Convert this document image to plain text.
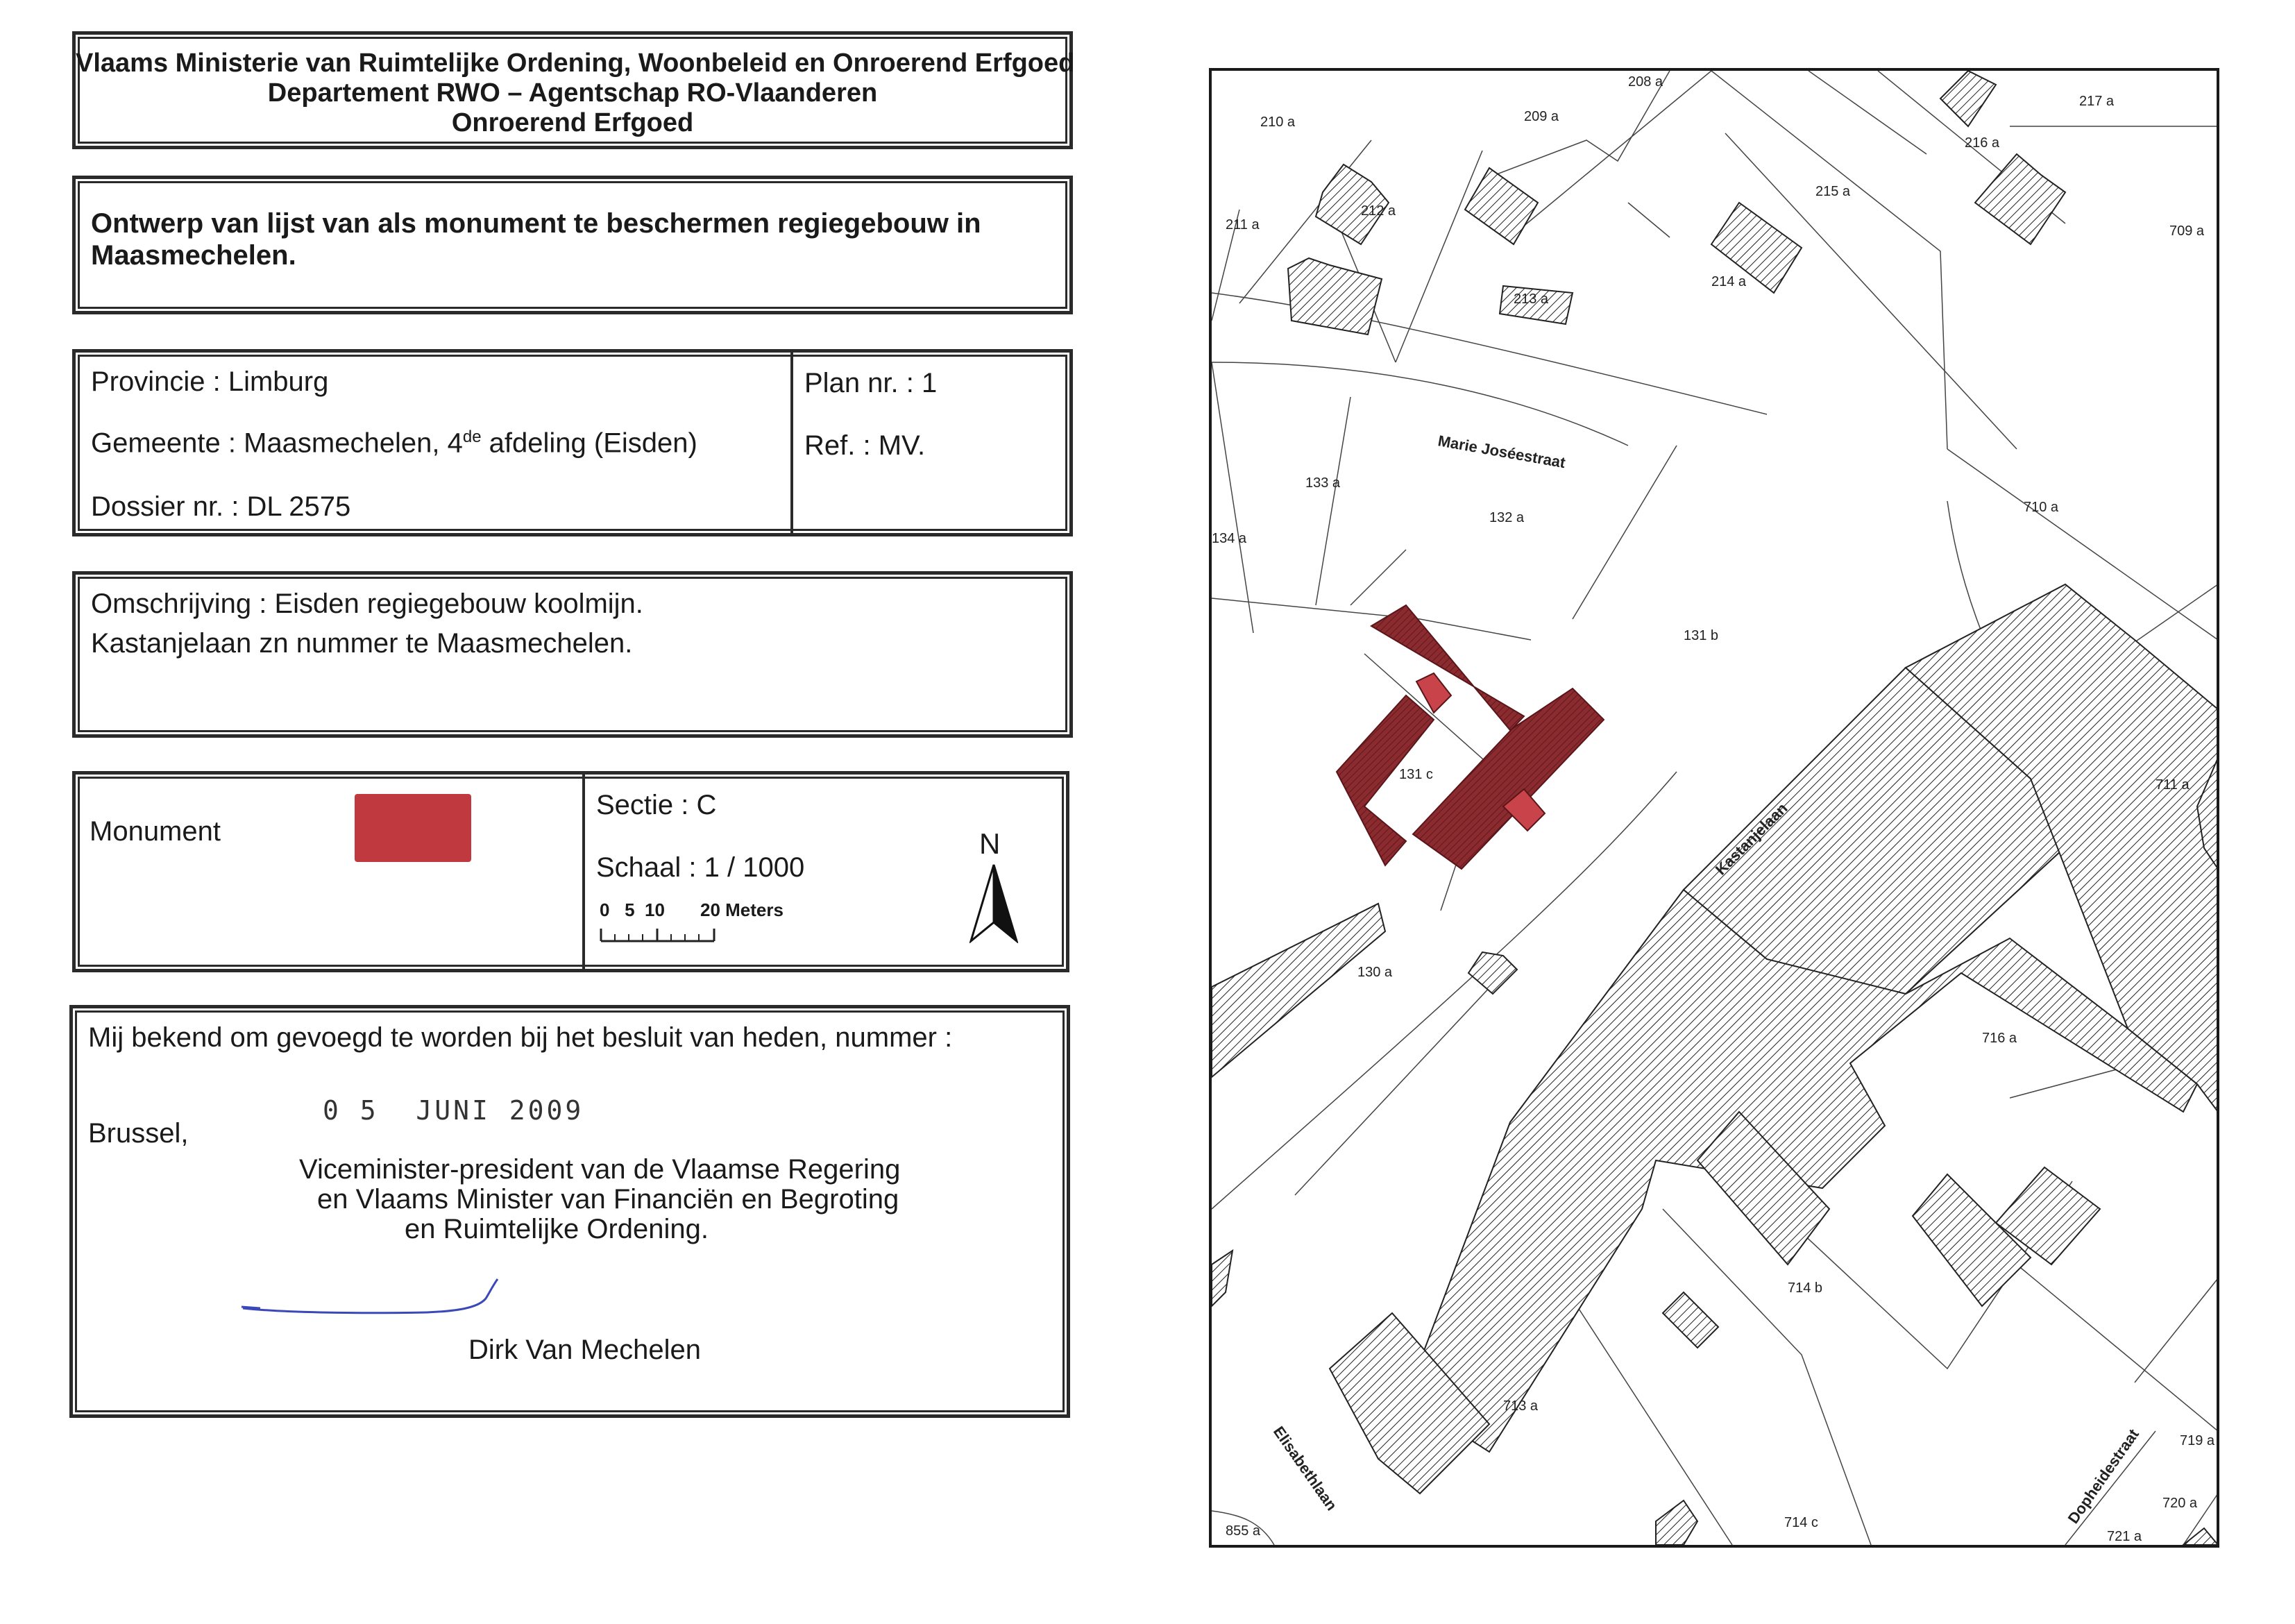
Vlaams Ministerie van Ruimtelijke Ordening, Woonbeleid en Onroerend Erfgoed
Departement RWO – Agentschap RO-Vlaanderen
Onroerend Erfgoed
Ontwerp van lijst van als monument te beschermen regiegebouw in
Maasmechelen.
Provincie : Limburg
Gemeente : Maasmechelen, 4de afdeling (Eisden)
Dossier nr. : DL 2575
Plan nr. : 1
Ref. : MV.
Omschrijving : Eisden regiegebouw koolmijn.
Kastanjelaan zn nummer te Maasmechelen.
Monument
Sectie : C
Schaal : 1 / 1000
0   5  10 20 Meters
N
Mij bekend om gevoegd te worden bij het besluit van heden, nummer :
Brussel,
0 5  JUNI 2009
Viceminister-president van de Vlaamse Regering
en Vlaams Minister van Financiën en Begroting
en Ruimtelijke Ordening.
Dirk Van Mechelen
208 a
210 a	209 a
217 a
216 a
211 a
212 a
215 a
709 a
213 a
214 a
133 a
132 a
710 a
134 a
131 b
711 a
131 c
130 a
716 a
714 b
713 a
719 a
720 a
855 a
714 c
721 a
Marie Joséestraat
Kastanjelaan
Elisabethlaan	Dopheidestraat
